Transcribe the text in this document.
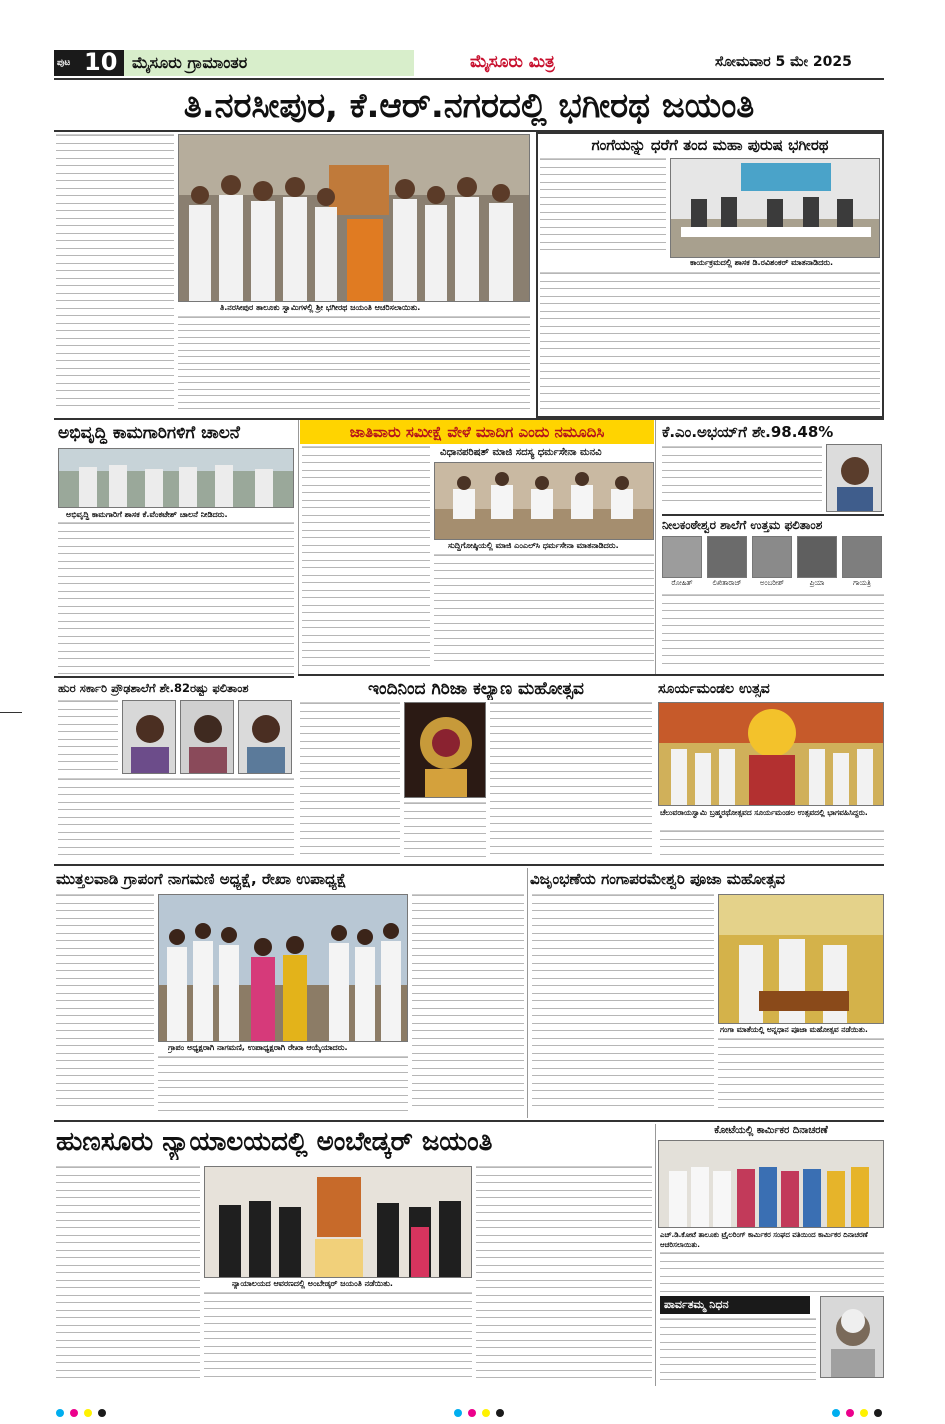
ಪುಟ 10 ಮೈಸೂರು ಗ್ರಾಮಾಂತರ	ಮೈಸೂರು ಮಿತ್ರ	ಸೋಮವಾರ 5 ಮೇ 2025
ತಿ.ನರಸೀಪುರ, ಕೆ.ಆರ್.ನಗರದಲ್ಲಿ ಭಗೀರಥ ಜಯಂತಿ
ತಿ.ನರಸೀಪುರ ತಾಲೂಕು ಸ್ವಾಮಿಗಳಲ್ಲಿ ಶ್ರೀ ಭಗೀರಥ ಜಯಂತಿ ಆಚರಿಸಲಾಯಿತು.
ಗಂಗೆಯನ್ನು ಧರೆಗೆ ತಂದ ಮಹಾ ಪುರುಷ ಭಗೀರಥ
ಕಾರ್ಯಕ್ರಮದಲ್ಲಿ ಶಾಸಕ ಡಿ.ರವಿಶಂಕರ್ ಮಾತನಾಡಿದರು.
ಅಭಿವೃದ್ಧಿ ಕಾಮಗಾರಿಗಳಿಗೆ ಚಾಲನೆ
ಅಭಿವೃದ್ಧಿ ಕಾಮಗಾರಿಗೆ ಶಾಸಕ ಕೆ.ವೆಂಕಟೇಶ್ ಚಾಲನೆ ನೀಡಿದರು.
ಜಾತಿವಾರು ಸಮೀಕ್ಷೆ ವೇಳೆ ಮಾದಿಗ ಎಂದು ನಮೂದಿಸಿ
ವಿಧಾನಪರಿಷತ್ ಮಾಜಿ ಸದಸ್ಯ ಧರ್ಮಸೇನಾ ಮನವಿ
ಸುದ್ದಿಗೋಷ್ಠಿಯಲ್ಲಿ ಮಾಜಿ ಎಂಎಲ್‌ಸಿ ಧರ್ಮಸೇನಾ ಮಾತನಾಡಿದರು.
ಕೆ.ಎಂ.ಅಭಯ್‌ಗೆ ಶೇ.98.48%
ನೀಲಕಂಠೇಶ್ವರ ಶಾಲೆಗೆ ಉತ್ತಮ ಫಲಿತಾಂಶ
ರೋಹಿತ್	ಲಿಖಿತಾರಾಜ್	ಅಂಬರೀಶ್	ಪ್ರಿಯಾ	ಗಾಯತ್ರಿ
ಹುರ ಸರ್ಕಾರಿ ಪ್ರೌಢಶಾಲೆಗೆ ಶೇ.82ರಷ್ಟು ಫಲಿತಾಂಶ	ಇಂದಿನಿಂದ ಗಿರಿಜಾ ಕಲ್ಯಾಣ ಮಹೋತ್ಸವ	ಸೂರ್ಯಮಂಡಲ ಉತ್ಸವ
ಚೆಲುವರಾಯಸ್ವಾಮಿ ಬ್ರಹ್ಮರಥೋತ್ಸವದ ಸೂರ್ಯಮಂಡಲ ಉತ್ಸವದಲ್ಲಿ ಭಾಗವಹಿಸಿದ್ದರು.
ಮುತ್ತಲವಾಡಿ ಗ್ರಾಪಂಗೆ ನಾಗಮಣಿ ಅಧ್ಯಕ್ಷೆ, ರೇಖಾ ಉಪಾಧ್ಯಕ್ಷೆ	ವಿಜೃಂಭಣೆಯ ಗಂಗಾಪರಮೇಶ್ವರಿ ಪೂಜಾ ಮಹೋತ್ಸವ
ಗ್ರಾಪಂ ಅಧ್ಯಕ್ಷರಾಗಿ ನಾಗಮಣಿ, ಉಪಾಧ್ಯಕ್ಷರಾಗಿ ರೇಖಾ ಆಯ್ಕೆಯಾದರು.
ಗಂಗಾ ಮಾತೆಯಲ್ಲಿ ಅನ್ನಧಾನ ಪೂಜಾ ಮಹೋತ್ಸವ ನಡೆಯಿತು.
ಹುಣಸೂರು ನ್ಯಾಯಾಲಯದಲ್ಲಿ ಅಂಬೇಡ್ಕರ್ ಜಯಂತಿ
ನ್ಯಾಯಾಲಯದ ಆವರಣದಲ್ಲಿ ಅಂಬೇಡ್ಕರ್ ಜಯಂತಿ ನಡೆಯಿತು.
ಕೋಟೆಯಲ್ಲಿ ಕಾರ್ಮಿಕರ ದಿನಾಚರಣೆ
ಎಚ್.ಡಿ.ಕೋಟೆ ತಾಲೂಕು ಟ್ರೈಲರಿಂಗ್ ಕಾರ್ಮಿಕರ ಸಂಘದ ವತಿಯಿಂದ ಕಾರ್ಮಿಕರ ದಿನಾಚರಣೆ ಆಚರಿಸಲಾಯಿತು.
ಪಾರ್ವತಮ್ಮ ನಿಧನ
